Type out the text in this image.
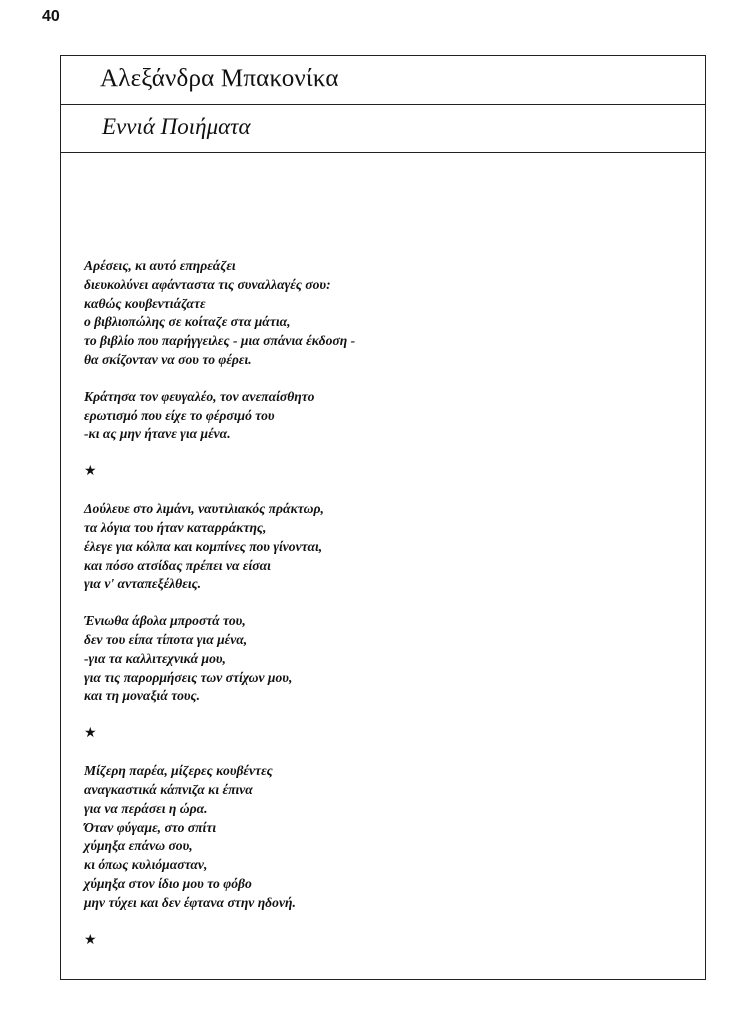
40
Αλεξάνδρα Μπακονίκα
Εννιά Ποιήματα
Αρέσεις, κι αυτό επηρεάζει
διευκολύνει αφάνταστα τις συναλλαγές σου:
καθώς κουβεντιάζατε
ο βιβλιοπώλης σε κοίταζε στα μάτια,
το βιβλίο που παρήγγειλες - μια σπάνια έκδοση -
θα σκίζονταν να σου το φέρει.
Κράτησα τον φευγαλέο, τον ανεπαίσθητο
ερωτισμό που είχε το φέρσιμό του
-κι ας μην ήτανε για μένα.
★
Δούλευε στο λιμάνι, ναυτιλιακός πράκτωρ,
τα λόγια του ήταν καταρράκτης,
έλεγε για κόλπα και κομπίνες που γίνονται,
και πόσο ατσίδας πρέπει να είσαι
για ν' ανταπεξέλθεις.
Ένιωθα άβολα μπροστά του,
δεν του είπα τίποτα για μένα,
-για τα καλλιτεχνικά μου,
για τις παρορμήσεις των στίχων μου,
και τη μοναξιά τους.
★
Μίζερη παρέα, μίζερες κουβέντες
αναγκαστικά κάπνιζα κι έπινα
για να περάσει η ώρα.
Όταν φύγαμε, στο σπίτι
χύμηξα επάνω σου,
κι όπως κυλιόμασταν,
χύμηξα στον ίδιο μου το φόβο
μην τύχει και δεν έφτανα στην ηδονή.
★
